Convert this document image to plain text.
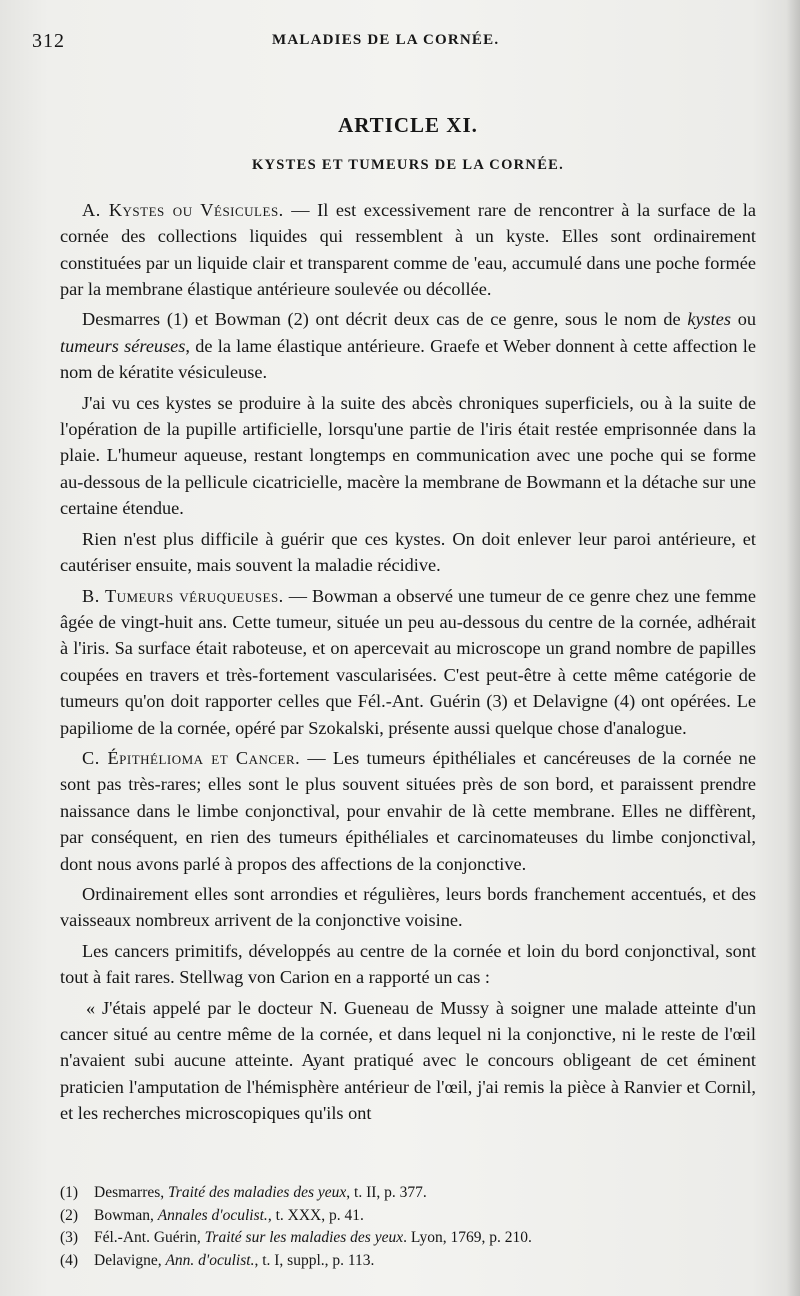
312	MALADIES DE LA CORNÉE.
ARTICLE XI.
KYSTES ET TUMEURS DE LA CORNÉE.

A. Kystes ou Vésicules. — Il est excessivement rare de rencontrer à la surface de la cornée des collections liquides qui ressemblent à un kyste. Elles sont ordinairement constituées par un liquide clair et transparent comme de 'eau, accumulé dans une poche formée par la membrane élastique antérieure soulevée ou décollée.

Desmarres (1) et Bowman (2) ont décrit deux cas de ce genre, sous le nom de kystes ou tumeurs séreuses, de la lame élastique antérieure. Graefe et Weber donnent à cette affection le nom de kératite vésiculeuse.

J'ai vu ces kystes se produire à la suite des abcès chroniques superficiels, ou à la suite de l'opération de la pupille artificielle, lorsqu'une partie de l'iris était restée emprisonnée dans la plaie. L'humeur aqueuse, restant longtemps en communication avec une poche qui se forme au-dessous de la pellicule cicatricielle, macère la membrane de Bowmann et la détache sur une certaine étendue.

Rien n'est plus difficile à guérir que ces kystes. On doit enlever leur paroi antérieure, et cautériser ensuite, mais souvent la maladie récidive.

B. Tumeurs véruqueuses. — Bowman a observé une tumeur de ce genre chez une femme âgée de vingt-huit ans. Cette tumeur, située un peu au-dessous du centre de la cornée, adhérait à l'iris. Sa surface était raboteuse, et on apercevait au microscope un grand nombre de papilles coupées en travers et très-fortement vascularisées. C'est peut-être à cette même catégorie de tumeurs qu'on doit rapporter celles que Fél.-Ant. Guérin (3) et Delavigne (4) ont opérées. Le papiliome de la cornée, opéré par Szokalski, présente aussi quelque chose d'analogue.

C. Épithélioma et Cancer. — Les tumeurs épithéliales et cancéreuses de la cornée ne sont pas très-rares; elles sont le plus souvent situées près de son bord, et paraissent prendre naissance dans le limbe conjonctival, pour envahir de là cette membrane. Elles ne diffèrent, par conséquent, en rien des tumeurs épithéliales et carcinomateuses du limbe conjonctival, dont nous avons parlé à propos des affections de la conjonctive.

Ordinairement elles sont arrondies et régulières, leurs bords franchement accentués, et des vaisseaux nombreux arrivent de la conjonctive voisine.

Les cancers primitifs, développés au centre de la cornée et loin du bord conjonctival, sont tout à fait rares. Stellwag von Carion en a rapporté un cas :

« J'étais appelé par le docteur N. Gueneau de Mussy à soigner une malade atteinte d'un cancer situé au centre même de la cornée, et dans lequel ni la conjonctive, ni le reste de l'œil n'avaient subi aucune atteinte. Ayant pratiqué avec le concours obligeant de cet éminent praticien l'amputation de l'hémisphère antérieur de l'œil, j'ai remis la pièce à Ranvier et Cornil, et les recherches microscopiques qu'ils ont

(1) Desmarres, Traité des maladies des yeux, t. II, p. 377.
(2) Bowman, Annales d'oculist., t. XXX, p. 41.
(3) Fél.-Ant. Guérin, Traité sur les maladies des yeux. Lyon, 1769, p. 210.
(4) Delavigne, Ann. d'oculist., t. I, suppl., p. 113.
